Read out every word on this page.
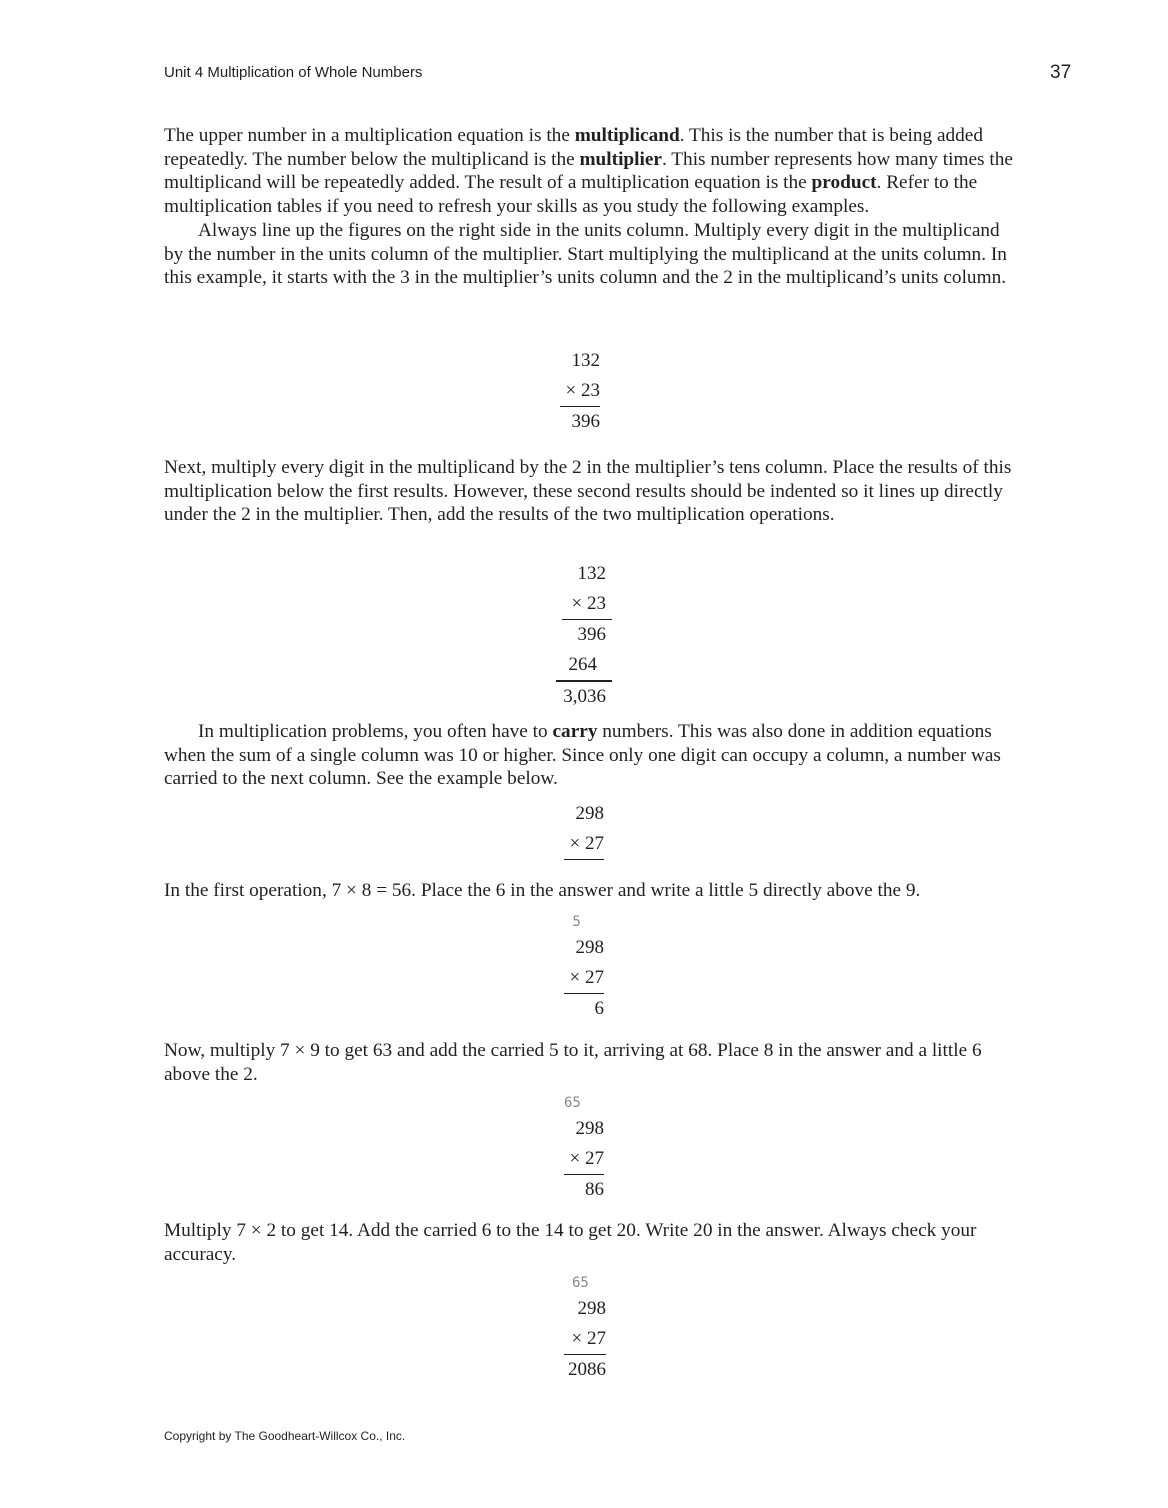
Unit 4 Multiplication of Whole Numbers	37
The upper number in a multiplication equation is the multiplicand. This is the number that is being added repeatedly. The number below the multiplicand is the multiplier. This number represents how many times the multiplicand will be repeatedly added. The result of a multiplication equation is the product. Refer to the multiplication tables if you need to refresh your skills as you study the following examples.
Always line up the figures on the right side in the units column. Multiply every digit in the multiplicand by the number in the units column of the multiplier. Start multiplying the multiplicand at the units column. In this example, it starts with the 3 in the multiplier’s units column and the 2 in the multiplicand’s units column.
132
× 23
396
Next, multiply every digit in the multiplicand by the 2 in the multiplier’s tens column. Place the results of this multiplication below the first results. However, these second results should be indented so it lines up directly under the 2 in the multiplier. Then, add the results of the two multiplication operations.
132
× 23
396
264
3,036
In multiplication problems, you often have to carry numbers. This was also done in addition equations when the sum of a single column was 10 or higher. Since only one digit can occupy a column, a number was carried to the next column. See the example below.
298
× 27
In the first operation, 7 × 8 = 56. Place the 6 in the answer and write a little 5 directly above the 9.
5
298
× 27
6
Now, multiply 7 × 9 to get 63 and add the carried 5 to it, arriving at 68. Place 8 in the answer and a little 6 above the 2.
65
298
× 27
86
Multiply 7 × 2 to get 14. Add the carried 6 to the 14 to get 20. Write 20 in the answer. Always check your accuracy.
65
298
× 27
2086
Copyright by The Goodheart-Willcox Co., Inc.
